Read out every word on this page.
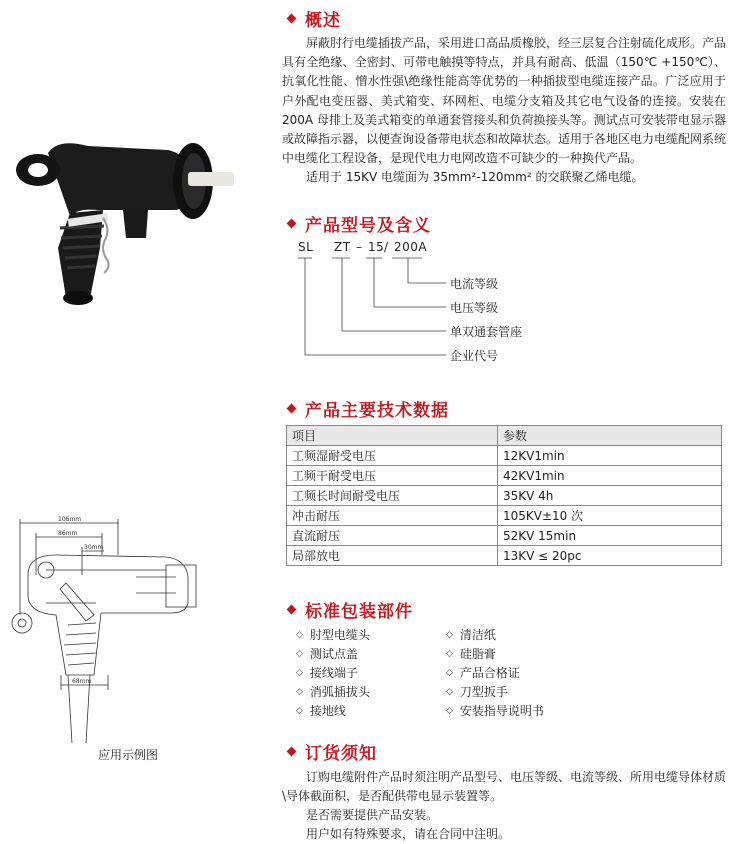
106mm
86mm
30mm
68mm
应用示例图
概述
屏蔽肘行电缆插拔产品，采用进口高品质橡胶，经三层复合注射硫化成形。产品具有全绝缘、全密封、可带电触摸等特点，并具有耐高、低温（150℃ +150℃）、抗氧化性能、憎水性强\绝缘性能高等优势的一种插拔型电缆连接产品。广泛应用于户外配电变压器、美式箱变、环网柜、电缆分支箱及其它电气设备的连接。安装在200A 母排上及美式箱变的单通套管接头和负荷换接头等。测试点可安装带电显示器或故障指示器，以便查询设备带电状态和故障状态。适用于各地区电力电缆配网系统中电缆化工程设备，是现代电力电网改造不可缺少的一种换代产品。
适用于 15KV 电缆面为 35mm²-120mm² 的交联聚乙烯电缆。
产品型号及含义
SL ZT – 15 / 200A
电流等级
电压等级
单双通套管座
企业代号
产品主要技术数据
项目	参数
工频湿耐受电压	12KV1min
工频干耐受电压	42KV1min
工频长时间耐受电压	35KV 4h
冲击耐压	105KV±10 次
直流耐压	52KV 15min
局部放电	13KV ≤ 20pc
标准包装部件
◇ 肘型电缆头
◇ 测试点盖
◇ 接线端子
◇ 消弧插拔头
◇ 接地线
◇ 清洁纸
◇ 硅脂膏
◇ 产品合格证
◇ 刀型扳手
◇ 安装指导说明书
订货须知
订购电缆附件产品时须注明产品型号、电压等级、电流等级、所用电缆导体材质\导体截面积，是否配供带电显示装置等。
是否需要提供产品安装。
用户如有特殊要求，请在合同中注明。
